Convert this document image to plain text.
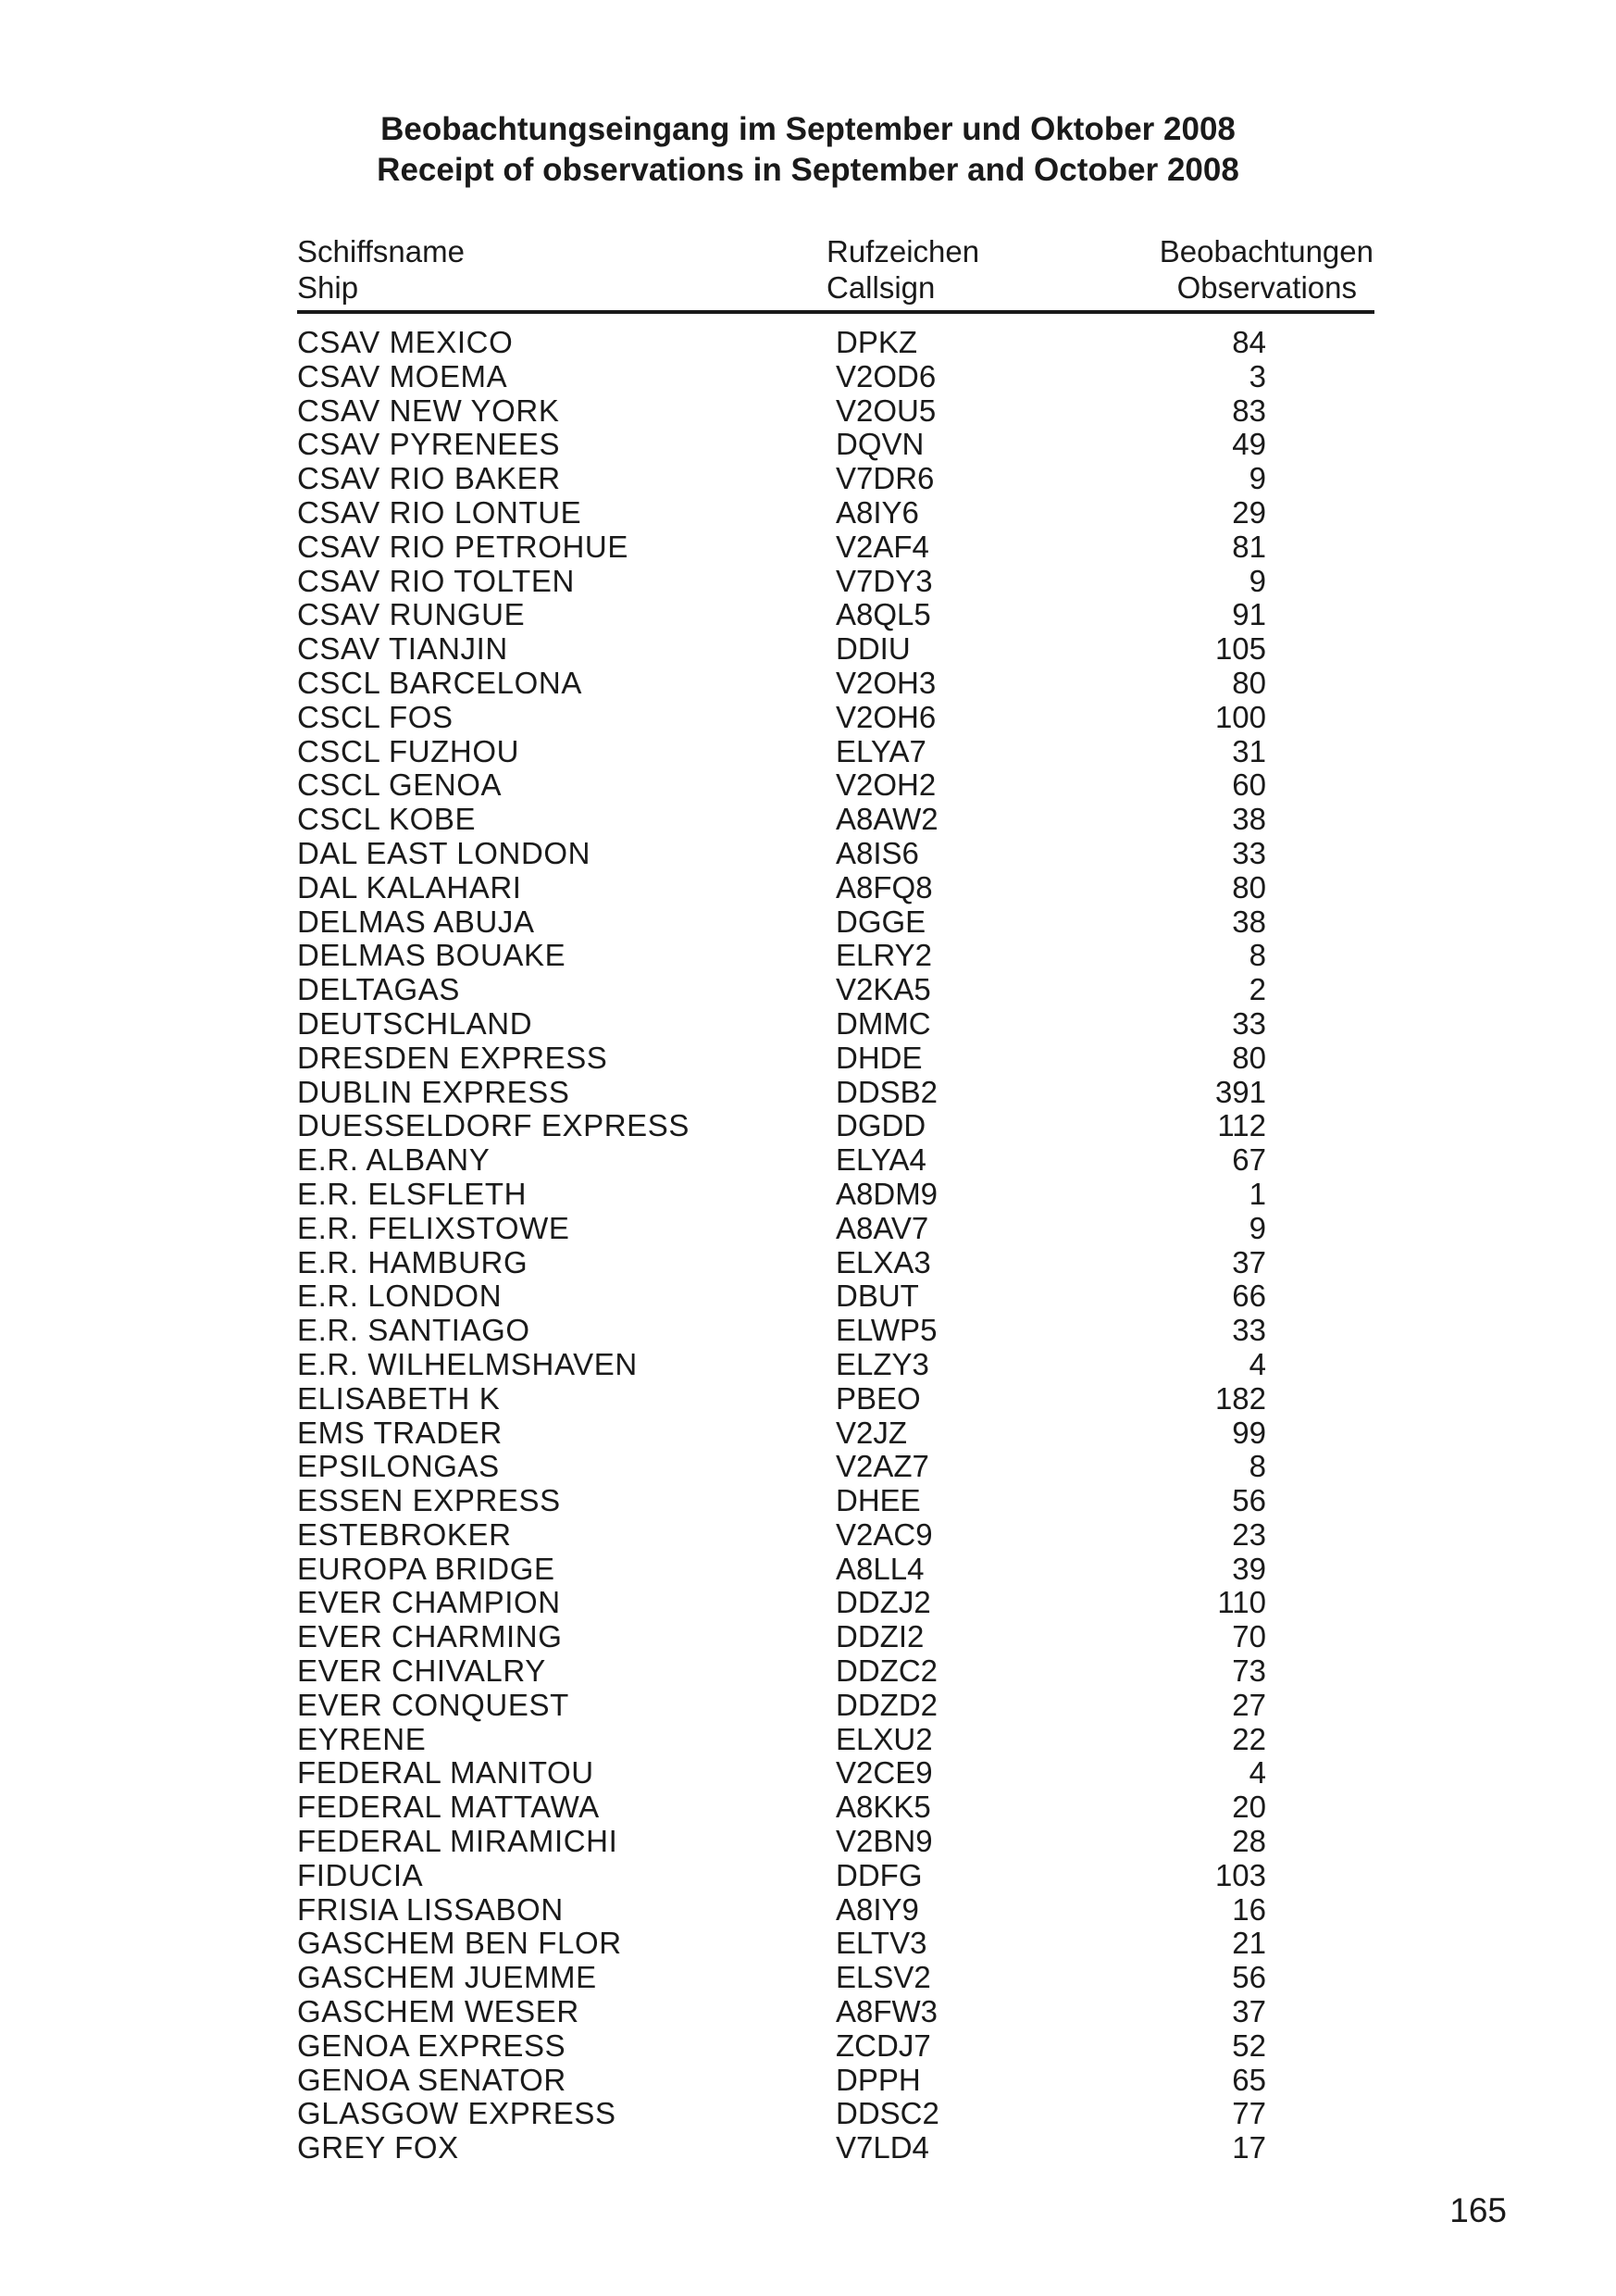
Beobachtungseingang im September und Oktober 2008
Receipt of observations in September and October 2008
Schiffsname	Rufzeichen	Beobachtungen
Ship	Callsign	Observations
CSAV MEXICO	DPKZ	84
CSAV MOEMA	V2OD6	3
CSAV NEW YORK	V2OU5	83
CSAV PYRENEES	DQVN	49
CSAV RIO BAKER	V7DR6	9
CSAV RIO LONTUE	A8IY6	29
CSAV RIO PETROHUE	V2AF4	81
CSAV RIO TOLTEN	V7DY3	9
CSAV RUNGUE	A8QL5	91
CSAV TIANJIN	DDIU	105
CSCL BARCELONA	V2OH3	80
CSCL FOS	V2OH6	100
CSCL FUZHOU	ELYA7	31
CSCL GENOA	V2OH2	60
CSCL KOBE	A8AW2	38
DAL EAST LONDON	A8IS6	33
DAL KALAHARI	A8FQ8	80
DELMAS ABUJA	DGGE	38
DELMAS BOUAKE	ELRY2	8
DELTAGAS	V2KA5	2
DEUTSCHLAND	DMMC	33
DRESDEN EXPRESS	DHDE	80
DUBLIN EXPRESS	DDSB2	391
DUESSELDORF EXPRESS	DGDD	112
E.R. ALBANY	ELYA4	67
E.R. ELSFLETH	A8DM9	1
E.R. FELIXSTOWE	A8AV7	9
E.R. HAMBURG	ELXA3	37
E.R. LONDON	DBUT	66
E.R. SANTIAGO	ELWP5	33
E.R. WILHELMSHAVEN	ELZY3	4
ELISABETH K	PBEO	182
EMS TRADER	V2JZ	99
EPSILONGAS	V2AZ7	8
ESSEN EXPRESS	DHEE	56
ESTEBROKER	V2AC9	23
EUROPA BRIDGE	A8LL4	39
EVER CHAMPION	DDZJ2	110
EVER CHARMING	DDZI2	70
EVER CHIVALRY	DDZC2	73
EVER CONQUEST	DDZD2	27
EYRENE	ELXU2	22
FEDERAL MANITOU	V2CE9	4
FEDERAL MATTAWA	A8KK5	20
FEDERAL MIRAMICHI	V2BN9	28
FIDUCIA	DDFG	103
FRISIA LISSABON	A8IY9	16
GASCHEM BEN FLOR	ELTV3	21
GASCHEM JUEMME	ELSV2	56
GASCHEM WESER	A8FW3	37
GENOA EXPRESS	ZCDJ7	52
GENOA SENATOR	DPPH	65
GLASGOW EXPRESS	DDSC2	77
GREY FOX	V7LD4	17
165
